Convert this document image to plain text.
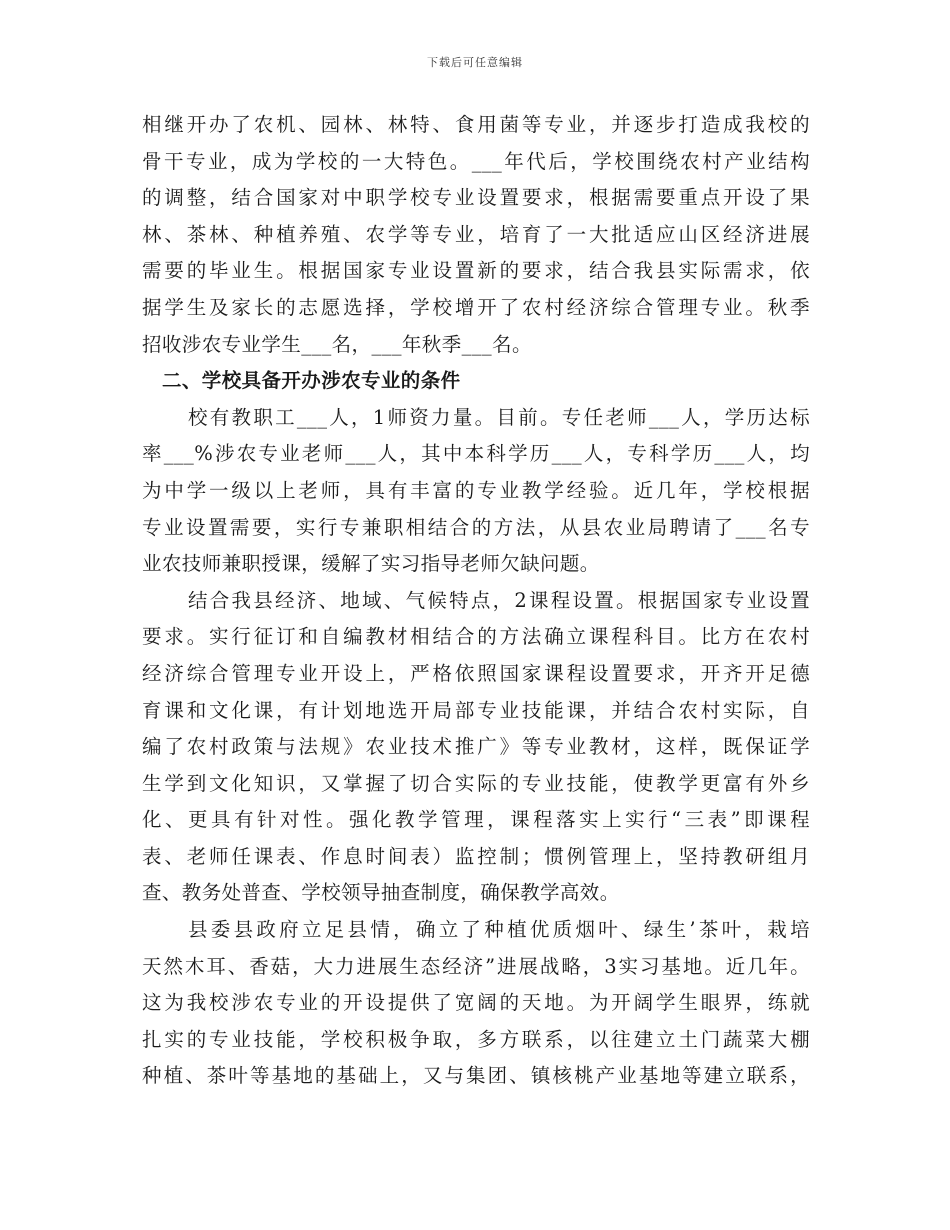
下载后可任意编辑
相继开办了农机、园林、林特、食用菌等专业，并逐步打造成我校的
骨干专业，成为学校的一大特色。___年代后，学校围绕农村产业结构
的调整，结合国家对中职学校专业设置要求，根据需要重点开设了果
林、茶林、种植养殖、农学等专业，培育了一大批适应山区经济进展
需要的毕业生。根据国家专业设置新的要求，结合我县实际需求，依
据学生及家长的志愿选择，学校增开了农村经济综合管理专业。秋季
招收涉农专业学生___名，___年秋季___名。
二、学校具备开办涉农专业的条件
校有教职工___人，1师资力量。目前。专任老师___人，学历达标
率___%涉农专业老师___人，其中本科学历___人，专科学历___人，均
为中学一级以上老师，具有丰富的专业教学经验。近几年，学校根据
专业设置需要，实行专兼职相结合的方法，从县农业局聘请了___名专
业农技师兼职授课，缓解了实习指导老师欠缺问题。
结合我县经济、地域、气候特点，2课程设置。根据国家专业设置
要求。实行征订和自编教材相结合的方法确立课程科目。比方在农村
经济综合管理专业开设上，严格依照国家课程设置要求，开齐开足德
育课和文化课，有计划地选开局部专业技能课，并结合农村实际，自
编了农村政策与法规》农业技术推广》等专业教材，这样，既保证学
生学到文化知识，又掌握了切合实际的专业技能，使教学更富有外乡
化、更具有针对性。强化教学管理，课程落实上实行“三表”即课程
表、老师任课表、作息时间表）监控制；惯例管理上，坚持教研组月
查、教务处普查、学校领导抽查制度，确保教学高效。
县委县政府立足县情，确立了种植优质烟叶、绿生’茶叶，栽培
天然木耳、香菇，大力进展生态经济”进展战略，3实习基地。近几年。
这为我校涉农专业的开设提供了宽阔的天地。为开阔学生眼界，练就
扎实的专业技能，学校积极争取，多方联系，以往建立土门蔬菜大棚
种植、茶叶等基地的基础上，又与集团、镇核桃产业基地等建立联系，
